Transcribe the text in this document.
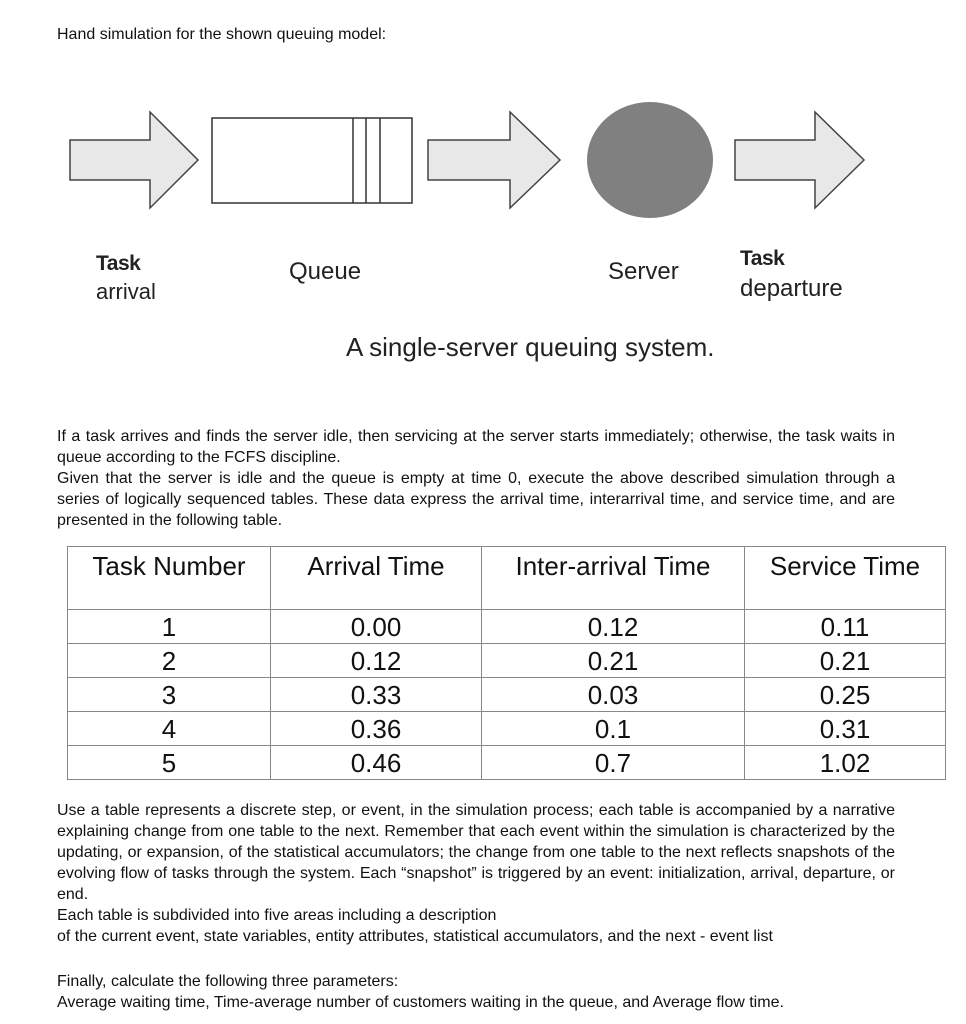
Hand simulation for the shown queuing model:
Task
arrival
Queue	Server	Task
departure
A single-server queuing system.
If a task arrives and finds the server idle, then servicing at the server starts immediately; otherwise, the task waits in queue according to the FCFS discipline.
Given that the server is idle and the queue is empty at time 0, execute the above described simulation through a series of logically sequenced tables. These data express the arrival time, interarrival time, and service time, and are presented in the following table.
Task Number	Arrival Time	Inter-arrival Time	Service Time
1	0.00	0.12	0.11
2	0.12	0.21	0.21
3	0.33	0.03	0.25
4	0.36	0.1	0.31
5	0.46	0.7	1.02
Use a table represents a discrete step, or event, in the simulation process; each table is accompanied by a narrative explaining change from one table to the next. Remember that each event within the simulation is characterized by the updating, or expansion, of the statistical accumulators; the change from one table to the next reflects snapshots of the evolving flow of tasks through the system. Each “snapshot” is triggered by an event: initialization, arrival, departure, or end.
Each table is subdivided into five areas including a description
of the current event, state variables, entity attributes, statistical accumulators, and the next - event list
Finally, calculate the following three parameters:
Average waiting time, Time-average number of customers waiting in the queue, and Average flow time.
